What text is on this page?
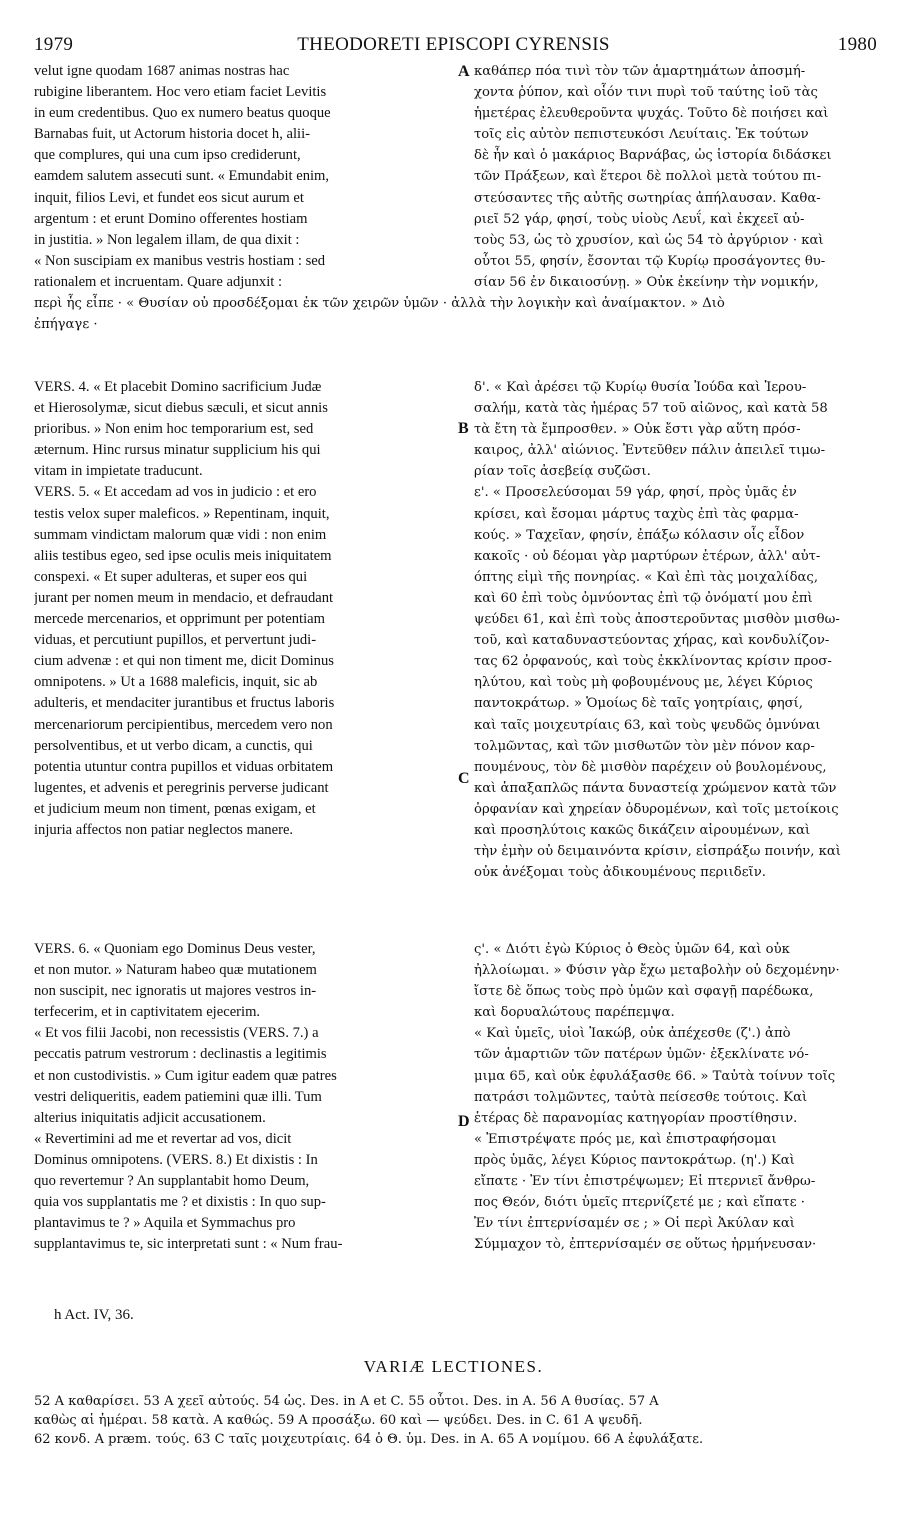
1979	THEODORETI EPISCOPI CYRENSIS	1980
velut igne quodam 1687 animas nostras hac
rubigine liberantem. Hoc vero etiam faciet Levitis
in eum credentibus. Quo ex numero beatus quoque
Barnabas fuit, ut Actorum historia docet h, alii-
que complures, qui una cum ipso crediderunt,
eamdem salutem assecuti sunt. « Emundabit enim,
inquit, filios Levi, et fundet eos sicut aurum et
argentum : et erunt Domino offerentes hostiam
in justitia. » Non legalem illam, de qua dixit :
« Non suscipiam ex manibus vestris hostiam : sed
rationalem et incruentam. Quare adjunxit :
καθάπερ πόα τινὶ τὸν τῶν ἁμαρτημάτων ἀποσμή-
χοντα ῥύπον, καὶ οἷόν τινι πυρὶ τοῦ ταύτης ἰοῦ τὰς
ἡμετέρας ἐλευθεροῦντα ψυχάς. Τοῦτο δὲ ποιήσει καὶ
τοῖς εἰς αὐτὸν πεπιστευκόσι Λευίταις. Ἐκ τούτων
δὲ ἦν καὶ ὁ μακάριος Βαρνάβας, ὡς ἱστορία διδάσκει
τῶν Πράξεων, καὶ ἕτεροι δὲ πολλοὶ μετὰ τούτου πι-
στεύσαντες τῆς αὐτῆς σωτηρίας ἀπήλαυσαν. Καθα-
ριεῖ 52 γάρ, φησί, τοὺς υἱοὺς Λευΐ, καὶ ἐκχεεῖ αὐ-
τοὺς 53, ὡς τὸ χρυσίον, καὶ ὡς 54 τὸ ἀργύριον · καὶ
οὗτοι 55, φησίν, ἔσονται τῷ Κυρίῳ προσάγοντες θυ-
σίαν 56 ἐν δικαιοσύνῃ. » Οὐκ ἐκείνην τὴν νομικήν,
περὶ ἧς εἶπε · « Θυσίαν οὐ προσδέξομαι ἐκ τῶν χειρῶν ὑμῶν · ἀλλὰ τὴν λογικὴν καὶ ἀναίμακτον. » Διὸ
ἐπήγαγε ·
VERS. 4. « Et placebit Domino sacrificium Judæ
et Hierosolymæ, sicut diebus sæculi, et sicut annis
prioribus. » Non enim hoc temporarium est, sed
æternum. Hinc rursus minatur supplicium his qui
vitam in impietate traducunt.
VERS. 5. « Et accedam ad vos in judicio : et ero
testis velox super maleficos. » Repentinam, inquit,
summam vindictam malorum quæ vidi : non enim
aliis testibus egeo, sed ipse oculis meis iniquitatem
conspexi. « Et super adulteras, et super eos qui
jurant per nomen meum in mendacio, et defraudant
mercede mercenarios, et opprimunt per potentiam
viduas, et percutiunt pupillos, et pervertunt judi-
cium advenæ : et qui non timent me, dicit Dominus
omnipotens. » Ut a 1688 maleficis, inquit, sic ab
adulteris, et mendaciter jurantibus et fructus laboris
mercenariorum percipientibus, mercedem vero non
persolventibus, et ut verbo dicam, a cunctis, qui
potentia utuntur contra pupillos et viduas orbitatem
lugentes, et advenis et peregrinis perverse judicant
et judicium meum non timent, pœnas exigam, et
injuria affectos non patiar neglectos manere.
δ'. « Καὶ ἀρέσει τῷ Κυρίῳ θυσία Ἰούδα καὶ Ἱερου-
σαλήμ, κατὰ τὰς ἡμέρας 57 τοῦ αἰῶνος, καὶ κατὰ 58
τὰ ἔτη τὰ ἔμπροσθεν. » Οὐκ ἔστι γὰρ αὕτη πρόσ-
καιρος, ἀλλ' αἰώνιος. Ἐντεῦθεν πάλιν ἀπειλεῖ τιμω-
ρίαν τοῖς ἀσεβείᾳ συζῶσι.
ε'. « Προσελεύσομαι 59 γάρ, φησί, πρὸς ὑμᾶς ἐν
κρίσει, καὶ ἔσομαι μάρτυς ταχὺς ἐπὶ τὰς φαρμα-
κούς. » Ταχεῖαν, φησίν, ἐπάξω κόλασιν οἷς εἶδον
κακοῖς · οὐ δέομαι γὰρ μαρτύρων ἑτέρων, ἀλλ' αὐτ-
όπτης εἰμὶ τῆς πονηρίας. « Καὶ ἐπὶ τὰς μοιχαλίδας,
καὶ 60 ἐπὶ τοὺς ὀμνύοντας ἐπὶ τῷ ὀνόματί μου ἐπὶ
ψεύδει 61, καὶ ἐπὶ τοὺς ἀποστεροῦντας μισθὸν μισθω-
τοῦ, καὶ καταδυναστεύοντας χήρας, καὶ κονδυλίζον-
τας 62 ὀρφανούς, καὶ τοὺς ἐκκλίνοντας κρίσιν προσ-
ηλύτου, καὶ τοὺς μὴ φοβουμένους με, λέγει Κύριος
παντοκράτωρ. » Ὁμοίως δὲ ταῖς γοητρίαις, φησί,
καὶ ταῖς μοιχευτρίαις 63, καὶ τοὺς ψευδῶς ὀμνύναι
τολμῶντας, καὶ τῶν μισθωτῶν τὸν μὲν πόνον καρ-
πουμένους, τὸν δὲ μισθὸν παρέχειν οὐ βουλομένους,
καὶ ἁπαξαπλῶς πάντα δυναστείᾳ χρώμενον κατὰ τῶν
ὀρφανίαν καὶ χηρείαν ὀδυρομένων, καὶ τοῖς μετοίκοις
καὶ προσηλύτοις κακῶς δικάζειν αἱρουμένων, καὶ
τὴν ἐμὴν οὐ δειμαινόντα κρίσιν, εἰσπράξω ποινήν, καὶ
οὐκ ἀνέξομαι τοὺς ἀδικουμένους περιιδεῖν.
VERS. 6. « Quoniam ego Dominus Deus vester,
et non mutor. » Naturam habeo quæ mutationem
non suscipit, nec ignoratis ut majores vestros in-
terfecerim, et in captivitatem ejecerim.
« Et vos filii Jacobi, non recessistis (VERS. 7.) a
peccatis patrum vestrorum : declinastis a legitimis
et non custodivistis. » Cum igitur eadem quæ patres
vestri deliqueritis, eadem patiemini quæ illi. Tum
alterius iniquitatis adjicit accusationem.
« Revertimini ad me et revertar ad vos, dicit
Dominus omnipotens. (VERS. 8.) Et dixistis : In
quo revertemur ? An supplantabit homo Deum,
quia vos supplantatis me ? et dixistis : In quo sup-
plantavimus te ? » Aquila et Symmachus pro
supplantavimus te, sic interpretati sunt : « Num frau-
ς'. « Διότι ἐγὼ Κύριος ὁ Θεὸς ὑμῶν 64, καὶ οὐκ
ἠλλοίωμαι. » Φύσιν γὰρ ἔχω μεταβολὴν οὐ δεχομένην·
ἴστε δὲ ὅπως τοὺς πρὸ ὑμῶν καὶ σφαγῇ παρέδωκα,
καὶ δορυαλώτους παρέπεμψα.
« Καὶ ὑμεῖς, υἱοὶ Ἰακώβ, οὐκ ἀπέχεσθε (ζ'.) ἀπὸ
τῶν ἁμαρτιῶν τῶν πατέρων ὑμῶν· ἐξεκλίνατε νό-
μιμα 65, καὶ οὐκ ἐφυλάξασθε 66. » Ταὐτὰ τοίνυν τοῖς
πατράσι τολμῶντες, ταὐτὰ πείσεσθε τούτοις. Καὶ
ἑτέρας δὲ παρανομίας κατηγορίαν προστίθησιν.
« Ἐπιστρέψατε πρός με, καὶ ἐπιστραφήσομαι
πρὸς ὑμᾶς, λέγει Κύριος παντοκράτωρ. (η'.) Καὶ
εἴπατε · Ἐν τίνι ἐπιστρέψωμεν; Εἰ πτερνιεῖ ἄνθρω-
πος Θεόν, διότι ὑμεῖς πτερνίζετέ με ; καὶ εἴπατε ·
Ἐν τίνι ἐπτερνίσαμέν σε ; » Οἱ περὶ Ἀκύλαν καὶ
Σύμμαχον τὸ, ἐπτερνίσαμέν σε οὕτως ἡρμήνευσαν·
A
B
C
D
h Act. IV, 36.
VARIÆ LECTIONES.
52 A καθαρίσει. 53 A χεεῖ αὐτούς. 54 ὡς. Des. in A et C. 55 οὗτοι. Des. in A. 56 A θυσίας. 57 A
καθὼς αἱ ἡμέραι. 58 κατὰ. A καθώς. 59 A προσάξω. 60 καὶ — ψεύδει. Des. in C. 61 A ψευδῆ.
62 κονδ. A præm. τούς. 63 C ταῖς μοιχευτρίαις. 64 ὁ Θ. ὑμ. Des. in A. 65 A νομίμου. 66 A ἐφυλάξατε.
